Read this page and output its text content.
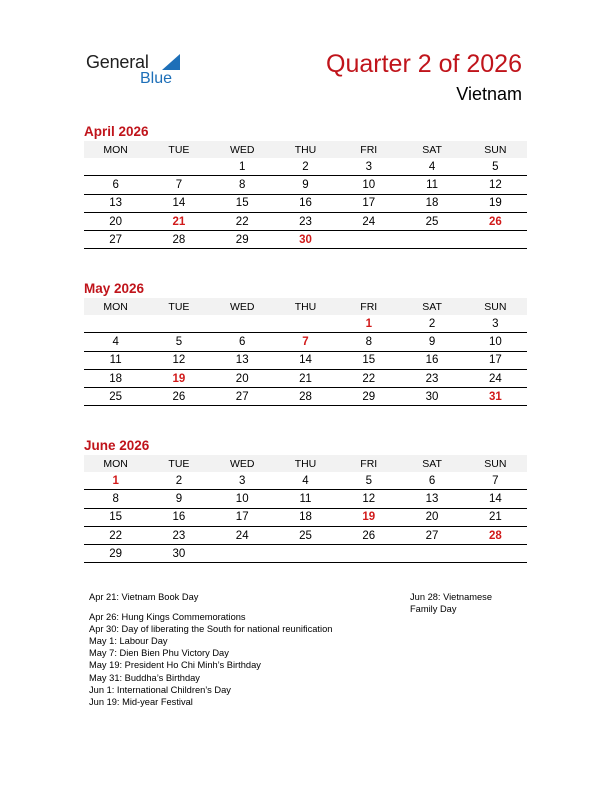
General
Blue
Quarter 2 of 2026
Vietnam
April 2026
MON	TUE	WED	THU	FRI	SAT	SUN
		1	2	3	4	5
6	7	8	9	10	11	12
13	14	15	16	17	18	19
20	21	22	23	24	25	26
27	28	29	30			
May 2026
MON	TUE	WED	THU	FRI	SAT	SUN
				1	2	3
4	5	6	7	8	9	10
11	12	13	14	15	16	17
18	19	20	21	22	23	24
25	26	27	28	29	30	31
June 2026
MON	TUE	WED	THU	FRI	SAT	SUN
1	2	3	4	5	6	7
8	9	10	11	12	13	14
15	16	17	18	19	20	21
22	23	24	25	26	27	28
29	30					
Apr 21: Vietnam Book Day
Apr 26: Hung Kings Commemorations
Apr 30: Day of liberating the South for national reunification
May 1: Labour Day
May 7: Dien Bien Phu Victory Day
May 19: President Ho Chi Minh’s Birthday
May 31: Buddha’s Birthday
Jun 1: International Children’s Day
Jun 19: Mid-year Festival
Jun 28: Vietnamese
Family Day
